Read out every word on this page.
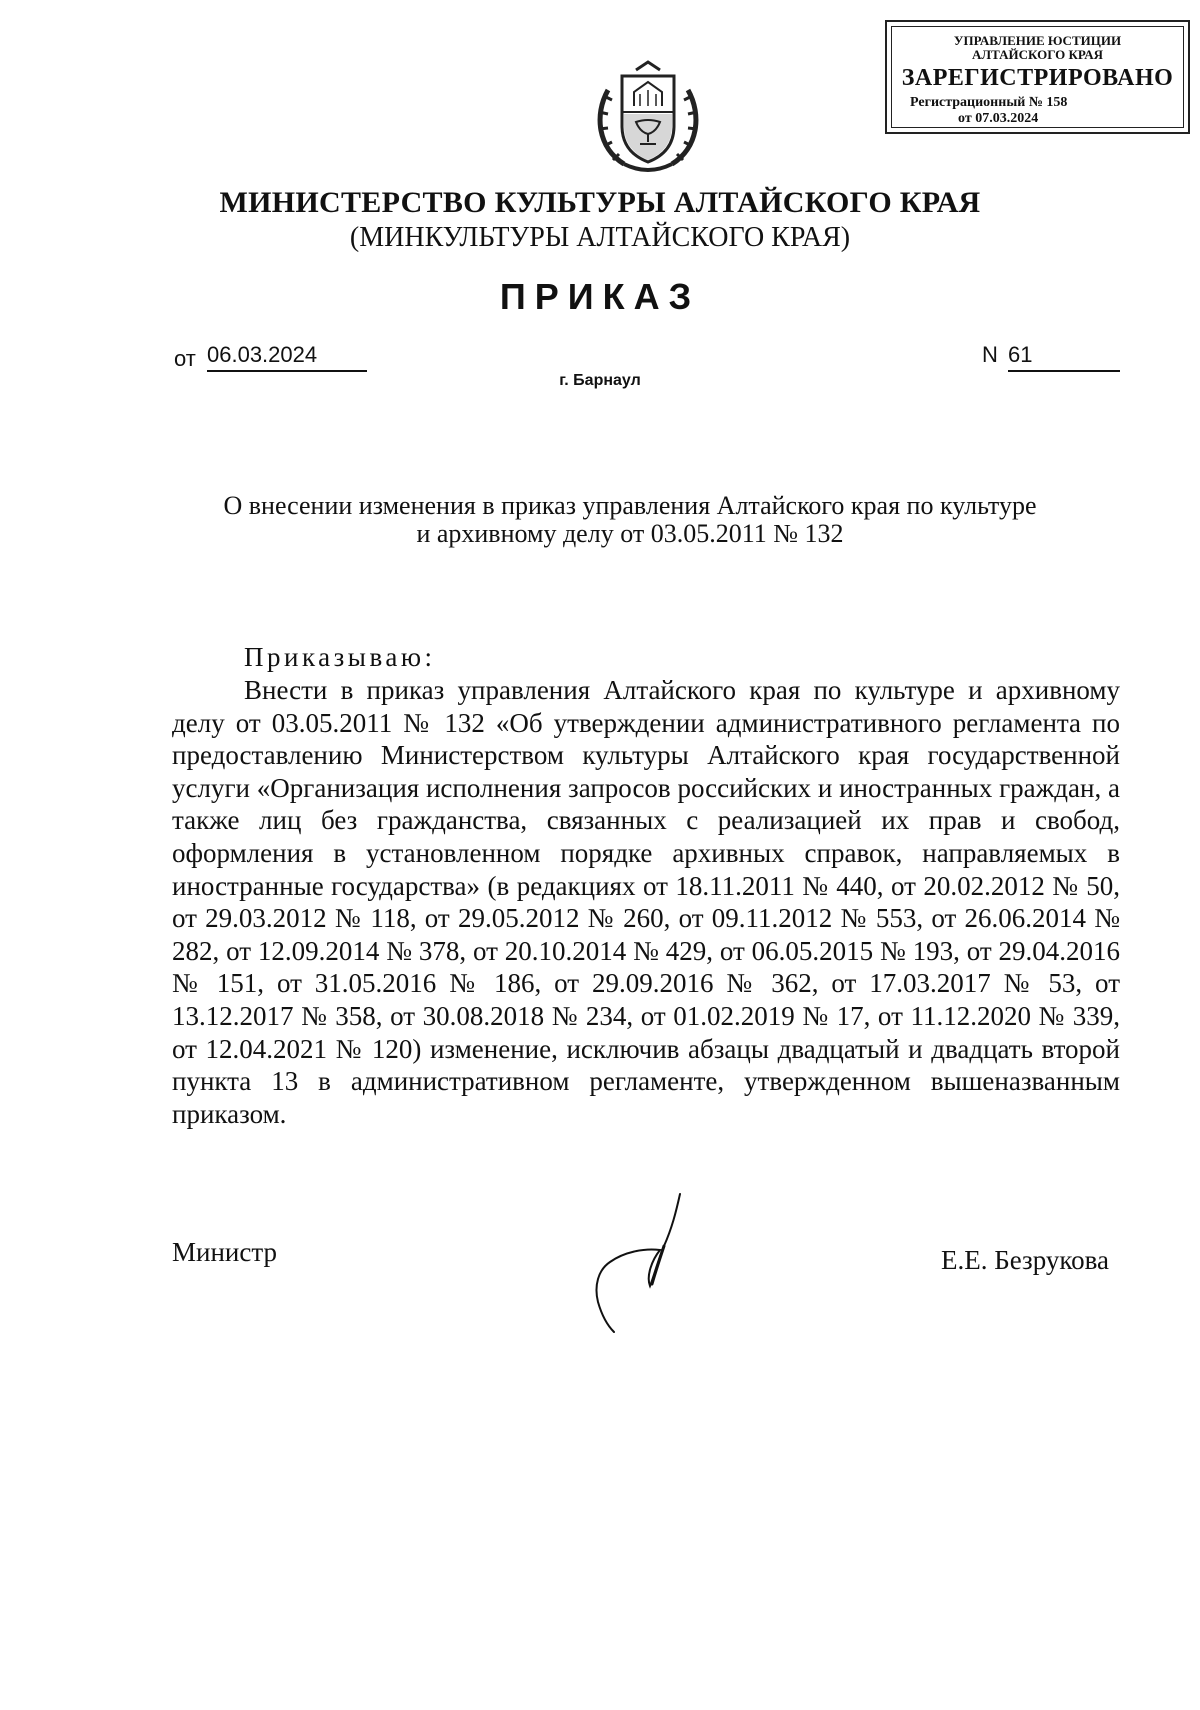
УПРАВЛЕНИЕ ЮСТИЦИИ
АЛТАЙСКОГО КРАЯ
ЗАРЕГИСТРИРОВАНО
Регистрационный № 158
от 07.03.2024
МИНИСТЕРСТВО КУЛЬТУРЫ АЛТАЙСКОГО КРАЯ
(МИНКУЛЬТУРЫ АЛТАЙСКОГО КРАЯ)
ПРИКАЗ
от 06.03.2024	N 61
г. Барнаул
О внесении изменения в приказ управления Алтайского края по культуре и архивному делу от 03.05.2011 № 132
Приказываю:
Внести в приказ управления Алтайского края по культуре и архивному делу от 03.05.2011 № 132 «Об утверждении административного регламента по предоставлению Министерством культуры Алтайского края государственной услуги «Организация исполнения запросов российских и иностранных граждан, а также лиц без гражданства, связанных с реализацией их прав и свобод, оформления в установленном порядке архивных справок, направляемых в иностранные государства» (в редакциях от 18.11.2011 № 440, от 20.02.2012 № 50, от 29.03.2012 № 118, от 29.05.2012 № 260, от 09.11.2012 № 553, от 26.06.2014 № 282, от 12.09.2014 № 378, от 20.10.2014 № 429, от 06.05.2015 № 193, от 29.04.2016 № 151, от 31.05.2016 № 186, от 29.09.2016 № 362, от 17.03.2017 № 53, от 13.12.2017 № 358, от 30.08.2018 № 234, от 01.02.2019 № 17, от 11.12.2020 № 339, от 12.04.2021 № 120) изменение, исключив абзацы двадцатый и двадцать второй пункта 13 в административном регламенте, утвержденном вышеназванным приказом.
Министр	Е.Е. Безрукова
